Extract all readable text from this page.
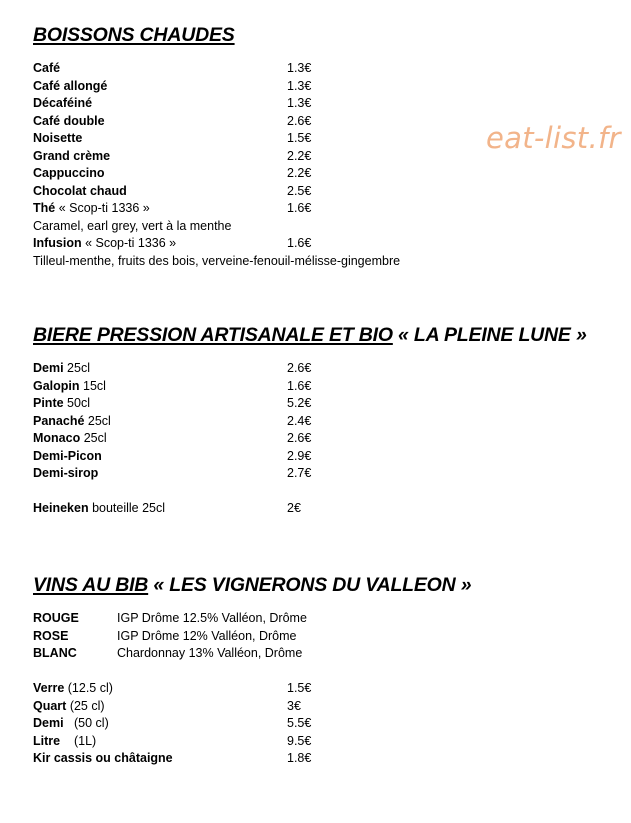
eat-list.fr
BOISSONS CHAUDES
Café	1.3€
Café allongé	1.3€
Décaféiné	1.3€
Café double	2.6€
Noisette	1.5€
Grand crème	2.2€
Cappuccino	2.2€
Chocolat chaud	2.5€
Thé « Scop-ti 1336 »	1.6€
Caramel, earl grey, vert à la menthe
Infusion « Scop-ti 1336 »	1.6€
Tilleul-menthe, fruits des bois, verveine-fenouil-mélisse-gingembre
BIERE PRESSION ARTISANALE ET BIO « LA PLEINE LUNE »
Demi 25cl	2.6€
Galopin 15cl	1.6€
Pinte 50cl	5.2€
Panaché 25cl	2.4€
Monaco 25cl	2.6€
Demi-Picon	2.9€
Demi-sirop	2.7€
Heineken bouteille 25cl	2€
VINS AU BIB « LES VIGNERONS DU VALLEON »
ROUGE	IGP Drôme 12.5% Valléon, Drôme
ROSE	IGP Drôme 12% Valléon, Drôme
BLANC	Chardonnay 13% Valléon, Drôme
Verre (12.5 cl)	1.5€
Quart (25 cl)	3€
Demi   (50 cl)	5.5€
Litre    (1L)	9.5€
Kir cassis ou châtaigne	1.8€
